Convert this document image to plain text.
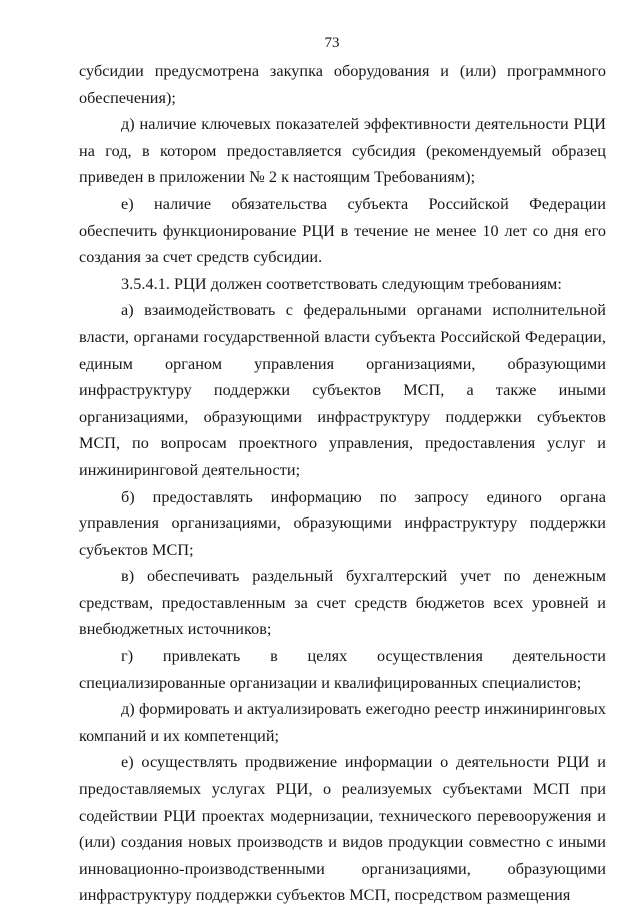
73

субсидии предусмотрена закупка оборудования и (или) программного обеспечения);

д) наличие ключевых показателей эффективности деятельности РЦИ на год, в котором предоставляется субсидия (рекомендуемый образец приведен в приложении № 2 к настоящим Требованиям);

е) наличие обязательства субъекта Российской Федерации обеспечить функционирование РЦИ в течение не менее 10 лет со дня его создания за счет средств субсидии.

3.5.4.1. РЦИ должен соответствовать следующим требованиям:

а) взаимодействовать с федеральными органами исполнительной власти, органами государственной власти субъекта Российской Федерации, единым органом управления организациями, образующими инфраструктуру поддержки субъектов МСП, а также иными организациями, образующими инфраструктуру поддержки субъектов МСП, по вопросам проектного управления, предоставления услуг и инжиниринговой деятельности;

б) предоставлять информацию по запросу единого органа управления организациями, образующими инфраструктуру поддержки субъектов МСП;

в) обеспечивать раздельный бухгалтерский учет по денежным средствам, предоставленным за счет средств бюджетов всех уровней и внебюджетных источников;

г) привлекать в целях осуществления деятельности специализированные организации и квалифицированных специалистов;

д) формировать и актуализировать ежегодно реестр инжиниринговых компаний и их компетенций;

е) осуществлять продвижение информации о деятельности РЦИ и предоставляемых услугах РЦИ, о реализуемых субъектами МСП при содействии РЦИ проектах модернизации, технического перевооружения и (или) создания новых производств и видов продукции совместно с иными инновационно-производственными организациями, образующими инфраструктуру поддержки субъектов МСП, посредством размещения
